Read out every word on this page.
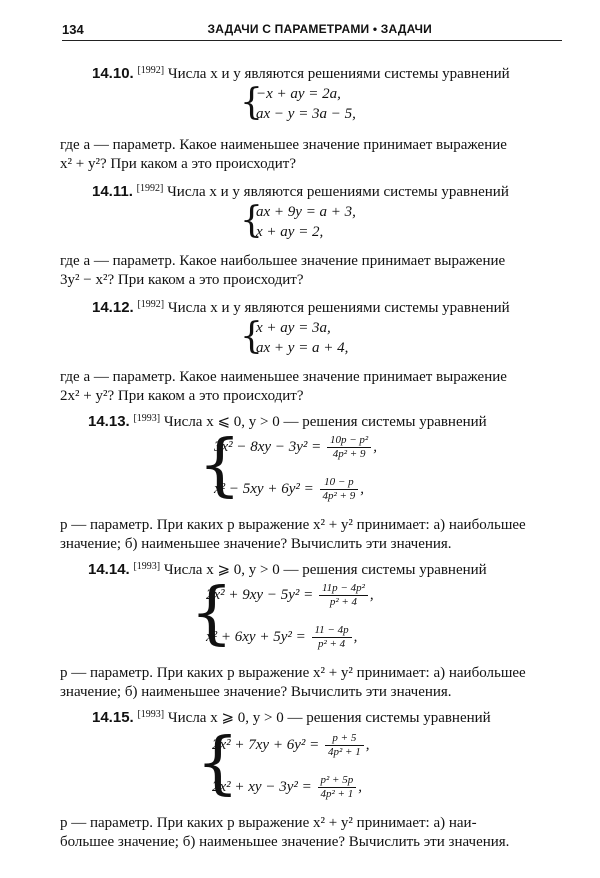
134	ЗАДАЧИ С ПАРАМЕТРАМИ • ЗАДАЧИ
14.10. [1992] Числа x и y являются решениями системы уравнений
{
−x + ay = 2a,
ax − y = 3a − 5,
где a — параметр. Какое наименьшее значение принимает выражение
x² + y²? При каком a это происходит?
14.11. [1992] Числа x и y являются решениями системы уравнений
{
ax + 9y = a + 3,
x + ay = 2,
где a — параметр. Какое наибольшее значение принимает выражение
3y² − x²? При каком a это происходит?
14.12. [1992] Числа x и y являются решениями системы уравнений
{
x + ay = 3a,
ax + y = a + 4,
где a — параметр. Какое наименьшее значение принимает выражение
2x² + y²? При каком a это происходит?
14.13. [1993] Числа x ⩽ 0, y > 0 — решения системы уравнений
{
$3x^2 - 8xy - 3y^2 = \frac{\text{10p − p²}}{\text{4p² + 9}}$ ,
$x^2 - 5xy + 6y^2 = \frac{10 - p}{\text{4p² + 9}}$ ,
p — параметр. При каких p выражение x² + y² принимает: а) наибольшее
значение; б) наименьшее значение? Вычислить эти значения.
14.14. [1993] Числа x ⩾ 0, y > 0 — решения системы уравнений
{
$2x^2 + 9xy - 5y^2 = \frac{\text{11p − 4p²}}{\text{p² + 4}}$ ,
$x^2 + 6xy + 5y^2 = \frac{11 - 4p}{\text{p² + 4}}$ ,
p — параметр. При каких p выражение x² + y² принимает: а) наибольшее
значение; б) наименьшее значение? Вычислить эти значения.
14.15. [1993] Числа x ⩾ 0, y > 0 — решения системы уравнений
{
$2x^2 + 7xy + 6y^2 = \frac{p + 5}{\text{4p² + 1}}$ ,
2x² + xy − $3y^2 = \frac{\text{p² + 5p}}{\text{4p² + 1}}$ ,
p — параметр. При каких p выражение x² + y² принимает: а) наи-
большее значение; б) наименьшее значение? Вычислить эти значения.
